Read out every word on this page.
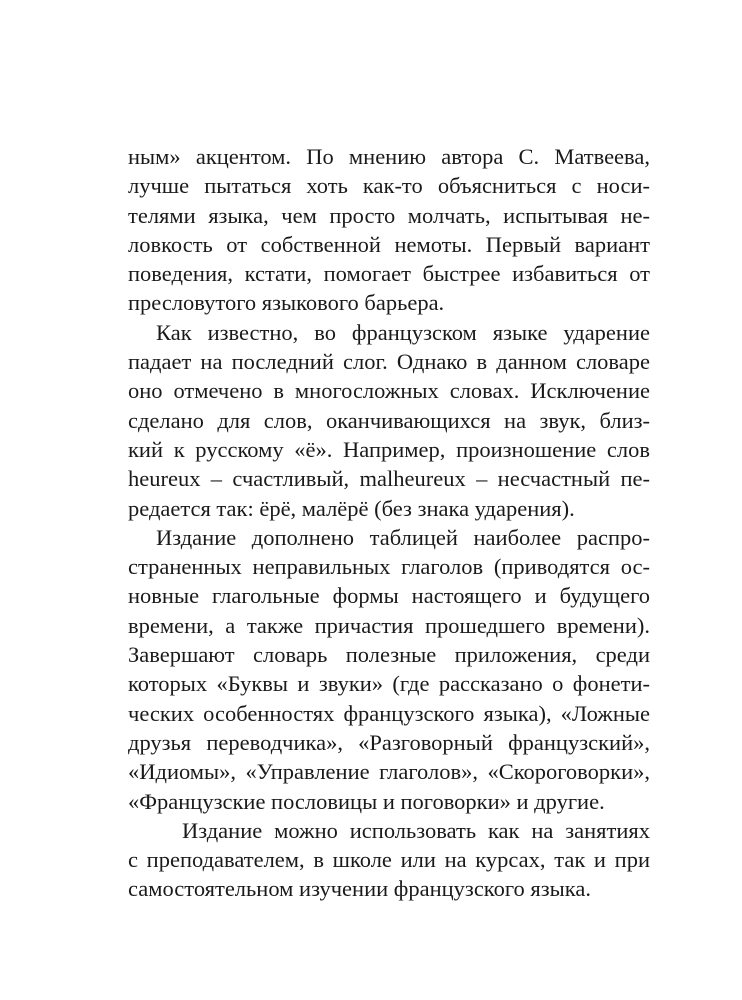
ным» акцентом. По мнению автора С. Матвеева,
лучше пытаться хоть как-то объясниться с носи-
телями языка, чем просто молчать, испытывая не-
ловкость от собственной немоты. Первый вариант
поведения, кстати, помогает быстрее избавиться от
пресловутого языкового барьера.
Как известно, во французском языке ударение
падает на последний слог. Однако в данном словаре
оно отмечено в многосложных словах. Исключение
сделано для слов, оканчивающихся на звук, близ-
кий к русскому «ё». Например, произношение слов
heureux – счастливый, malheureux – несчастный пе-
редается так: ёрё, малёрё (без знака ударения).
Издание дополнено таблицей наиболее распро-
страненных неправильных глаголов (приводятся ос-
новные глагольные формы настоящего и будущего
времени, а также причастия прошедшего времени).
Завершают словарь полезные приложения, среди
которых «Буквы и звуки» (где рассказано о фонети-
ческих особенностях французского языка), «Ложные
друзья переводчика», «Разговорный французский»,
«Идиомы», «Управление глаголов», «Скороговорки»,
«Французские пословицы и поговорки» и другие.
Издание можно использовать как на занятиях
с преподавателем, в школе или на курсах, так и при
самостоятельном изучении французского языка.
